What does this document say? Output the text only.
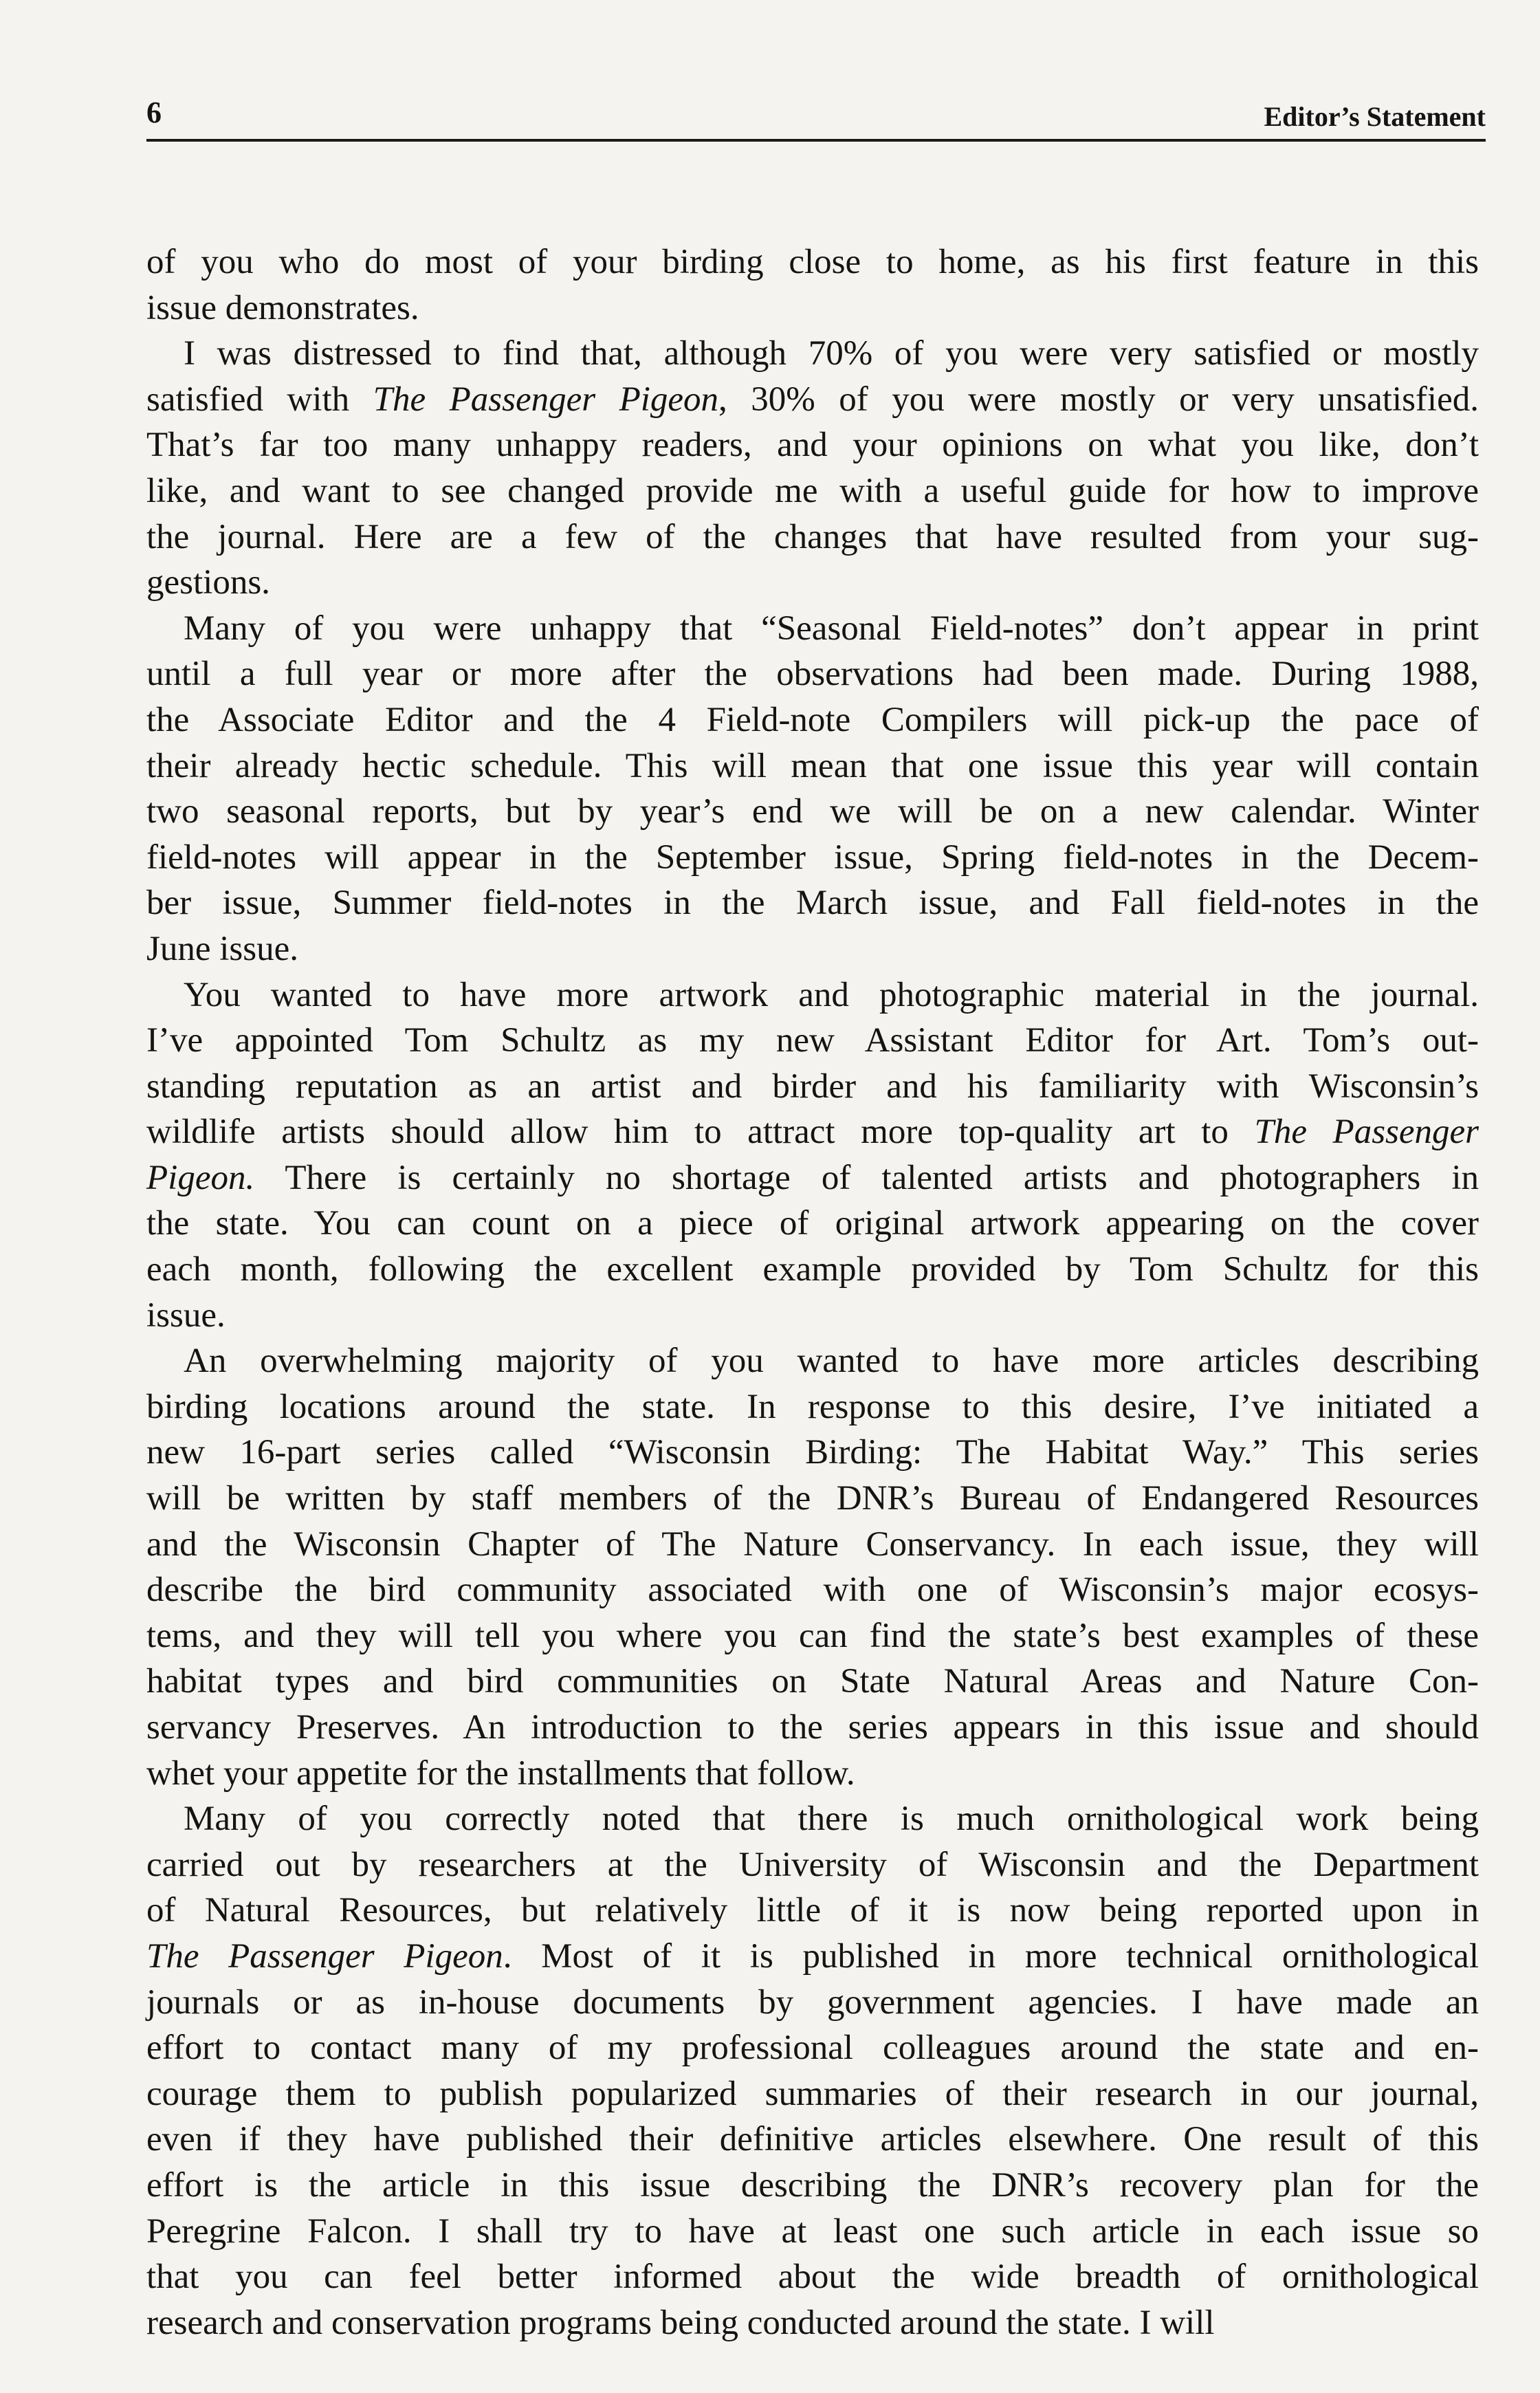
6	Editor’s Statement

of you who do most of your birding close to home, as his first feature in this
issue demonstrates.

I was distressed to find that, although 70% of you were very satisfied or mostly
satisfied with The Passenger Pigeon, 30% of you were mostly or very unsatisfied.
That’s far too many unhappy readers, and your opinions on what you like, don’t
like, and want to see changed provide me with a useful guide for how to improve
the journal. Here are a few of the changes that have resulted from your sug-
gestions.

Many of you were unhappy that “Seasonal Field-notes” don’t appear in print
until a full year or more after the observations had been made. During 1988,
the Associate Editor and the 4 Field-note Compilers will pick-up the pace of
their already hectic schedule. This will mean that one issue this year will contain
two seasonal reports, but by year’s end we will be on a new calendar. Winter
field-notes will appear in the September issue, Spring field-notes in the Decem-
ber issue, Summer field-notes in the March issue, and Fall field-notes in the
June issue.

You wanted to have more artwork and photographic material in the journal.
I’ve appointed Tom Schultz as my new Assistant Editor for Art. Tom’s out-
standing reputation as an artist and birder and his familiarity with Wisconsin’s
wildlife artists should allow him to attract more top-quality art to The Passenger
Pigeon. There is certainly no shortage of talented artists and photographers in
the state. You can count on a piece of original artwork appearing on the cover
each month, following the excellent example provided by Tom Schultz for this
issue.

An overwhelming majority of you wanted to have more articles describing
birding locations around the state. In response to this desire, I’ve initiated a
new 16-part series called “Wisconsin Birding: The Habitat Way.” This series
will be written by staff members of the DNR’s Bureau of Endangered Resources
and the Wisconsin Chapter of The Nature Conservancy. In each issue, they will
describe the bird community associated with one of Wisconsin’s major ecosys-
tems, and they will tell you where you can find the state’s best examples of these
habitat types and bird communities on State Natural Areas and Nature Con-
servancy Preserves. An introduction to the series appears in this issue and should
whet your appetite for the installments that follow.

Many of you correctly noted that there is much ornithological work being
carried out by researchers at the University of Wisconsin and the Department
of Natural Resources, but relatively little of it is now being reported upon in
The Passenger Pigeon. Most of it is published in more technical ornithological
journals or as in-house documents by government agencies. I have made an
effort to contact many of my professional colleagues around the state and en-
courage them to publish popularized summaries of their research in our journal,
even if they have published their definitive articles elsewhere. One result of this
effort is the article in this issue describing the DNR’s recovery plan for the
Peregrine Falcon. I shall try to have at least one such article in each issue so
that you can feel better informed about the wide breadth of ornithological
research and conservation programs being conducted around the state. I will
